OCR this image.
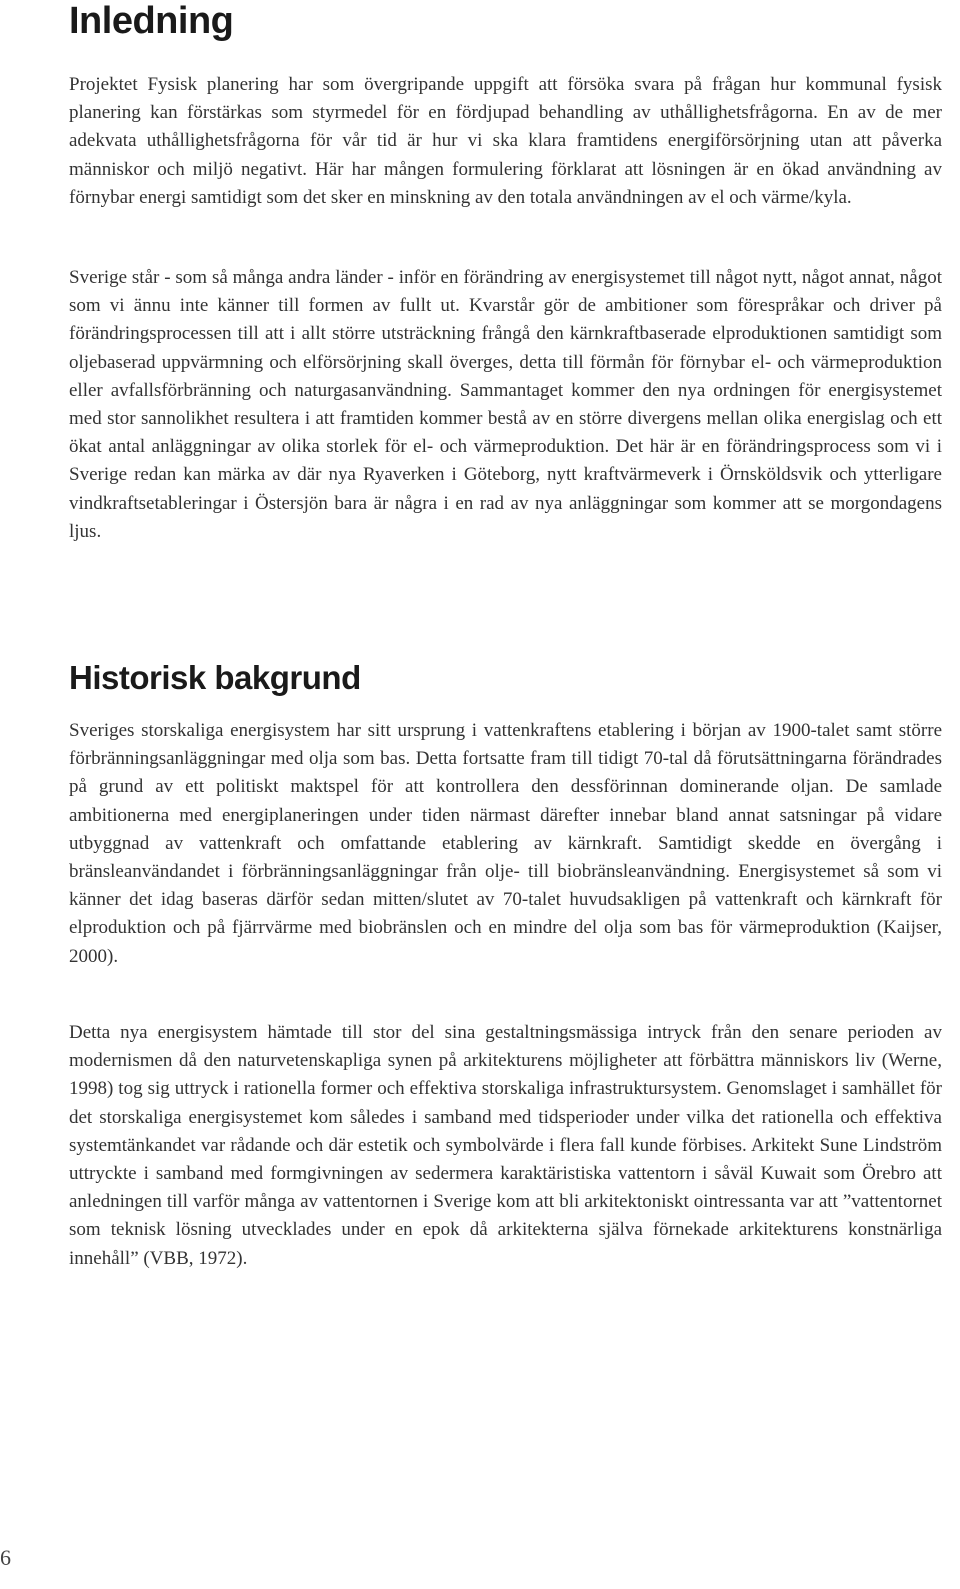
Inledning

Projektet Fysisk planering har som övergripande uppgift att försöka svara på frågan hur kommunal fysisk planering kan förstärkas som styrmedel för en fördjupad behandling av uthållighetsfrågorna. En av de mer adekvata uthållighetsfrågorna för vår tid är hur vi ska klara framtidens energiförsörjning utan att påverka människor och miljö negativt. Här har mången formulering förklarat att lösningen är en ökad användning av förnybar energi samtidigt som det sker en minskning av den totala användningen av el och värme/kyla.

Sverige står - som så många andra länder - inför en förändring av energisystemet till något nytt, något annat, något som vi ännu inte känner till formen av fullt ut. Kvarstår gör de ambitioner som förespråkar och driver på förändringsprocessen till att i allt större utsträckning frångå den kärnkraftbaserade elproduktionen samtidigt som oljebaserad uppvärmning och elförsörjning skall överges, detta till förmån för förnybar el- och värmeproduktion eller avfallsförbränning och naturgasanvändning. Sammantaget kommer den nya ordningen för energisystemet med stor sannolikhet resultera i att framtiden kommer bestå av en större divergens mellan olika energislag och ett ökat antal anläggningar av olika storlek för el- och värmeproduktion. Det här är en förändringsprocess som vi i Sverige redan kan märka av där nya Ryaverken i Göteborg, nytt kraftvärmeverk i Örnsköldsvik och ytterligare vindkraftsetableringar i Östersjön bara är några i en rad av nya anläggningar som kommer att se morgondagens ljus.

Historisk bakgrund

Sveriges storskaliga energisystem har sitt ursprung i vattenkraftens etablering i början av 1900-talet samt större förbränningsanläggningar med olja som bas. Detta fortsatte fram till tidigt 70-tal då förutsättningarna förändrades på grund av ett politiskt maktspel för att kontrollera den dessförinnan dominerande oljan. De samlade ambitionerna med energiplaneringen under tiden närmast därefter innebar bland annat satsningar på vidare utbyggnad av vattenkraft och omfattande etablering av kärnkraft. Samtidigt skedde en övergång i bränsleanvändandet i förbränningsanläggningar från olje- till biobränsleanvändning. Energisystemet så som vi känner det idag baseras därför sedan mitten/slutet av 70-talet huvudsakligen på vattenkraft och kärnkraft för elproduktion och på fjärrvärme med biobränslen och en mindre del olja som bas för värmeproduktion (Kaijser, 2000).

Detta nya energisystem hämtade till stor del sina gestaltningsmässiga intryck från den senare perioden av modernismen då den naturvetenskapliga synen på arkitekturens möjligheter att förbättra människors liv (Werne, 1998) tog sig uttryck i rationella former och effektiva storskaliga infrastruktursystem. Genomslaget i samhället för det storskaliga energisystemet kom således i samband med tidsperioder under vilka det rationella och effektiva systemtänkandet var rådande och där estetik och symbolvärde i flera fall kunde förbises. Arkitekt Sune Lindström uttryckte i samband med formgivningen av sedermera karaktäristiska vattentorn i såväl Kuwait som Örebro att anledningen till varför många av vattentornen i Sverige kom att bli arkitektoniskt ointressanta var att ”vattentornet som teknisk lösning utvecklades under en epok då arkitekterna själva förnekade arkitekturens konstnärliga innehåll” (VBB, 1972).

6
